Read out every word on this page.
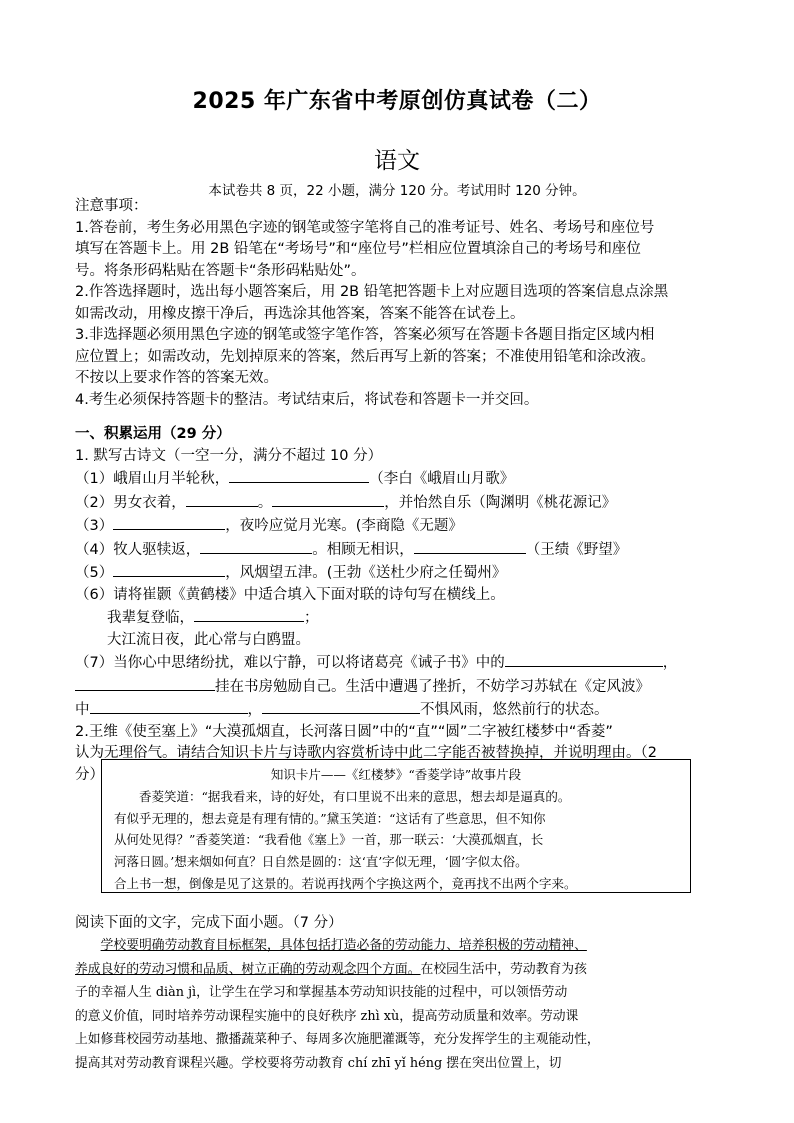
2025 年广东省中考原创仿真试卷（二）
语文
本试卷共 8 页，22 小题，满分 120 分。考试用时 120 分钟。
注意事项：
1.答卷前，考生务必用黑色字迹的钢笔或签字笔将自己的准考证号、姓名、考场号和座位号
填写在答题卡上。用 2B 铅笔在“考场号”和“座位号”栏相应位置填涂自己的考场号和座位
号。将条形码粘贴在答题卡“条形码粘贴处”。
2.作答选择题时，选出每小题答案后，用 2B 铅笔把答题卡上对应题目选项的答案信息点涂黑
如需改动，用橡皮擦干净后，再选涂其他答案，答案不能答在试卷上。
3.非选择题必须用黑色字迹的钢笔或签字笔作答，答案必须写在答题卡各题目指定区域内相
应位置上；如需改动，先划掉原来的答案，然后再写上新的答案；不准使用铅笔和涂改液。
不按以上要求作答的答案无效。
4.考生必须保持答题卡的整洁。考试结束后，将试卷和答题卡一并交回。
一、积累运用（29 分）
1. 默写古诗文（一空一分，满分不超过 10 分）
（1）峨眉山月半轮秋，	（李白《峨眉山月歌》
（2）男女衣着，	。	，并怡然自乐（陶渊明《桃花源记》
（3）	，夜吟应觉月光寒。(李商隐《无题》
（4）牧人驱犊返，	。相顾无相识，	（王绩《野望》
（5）	，风烟望五津。(王勃《送杜少府之任蜀州》
（6）请将崔颢《黄鹤楼》中适合填入下面对联的诗句写在横线上。
我辈复登临，	；
大江流日夜，此心常与白鸥盟。
（7）当你心中思绪纷扰，难以宁静，可以将诸葛亮《诫子书》中的	，
挂在书房勉励自己。生活中遭遇了挫折，不妨学习苏轼在《定风波》
中	，	不惧风雨，悠然前行的状态。
2.王维《使至塞上》“大漠孤烟直，长河落日圆”中的“直”“圆”二字被红楼梦中“香菱”
认为无理俗气。请结合知识卡片与诗歌内容赏析诗中此二字能否被替换掉，并说明理由。（2
分）	知识卡片——《红楼梦》“香菱学诗”故事片段

香菱笑道：“据我看来，诗的好处，有口里说不出来的意思，想去却是逼真的。

有似乎无理的，想去竟是有理有情的。”黛玉笑道：“这话有了些意思，但不知你

从何处见得？”香菱笑道：“我看他《塞上》一首，那一联云：‘大漠孤烟直，长

河落日圆。’想来烟如何直？日自然是圆的：这‘直’字似无理，‘圆’字似太俗。

合上书一想，倒像是见了这景的。若说再找两个字换这两个，竟再找不出两个字来。

阅读下面的文字，完成下面小题。（7 分）
学校要明确劳动教育目标框架，具体包括打造必备的劳动能力、培养积极的劳动精神、
养成良好的劳动习惯和品质、树立正确的劳动观念四个方面。在校园生活中，劳动教育为孩
子的幸福人生 diàn jì，让学生在学习和掌握基本劳动知识技能的过程中，可以领悟劳动
的意义价值，同时培养劳动课程实施中的良好秩序 zhì xù，提高劳动质量和效率。劳动课
上如修葺校园劳动基地、撒播蔬菜种子、每周多次施肥灌溉等，充分发挥学生的主观能动性，
提高其对劳动教育课程兴趣。学校要将劳动教育 chí zhī yǐ héng 摆在突出位置上，切
